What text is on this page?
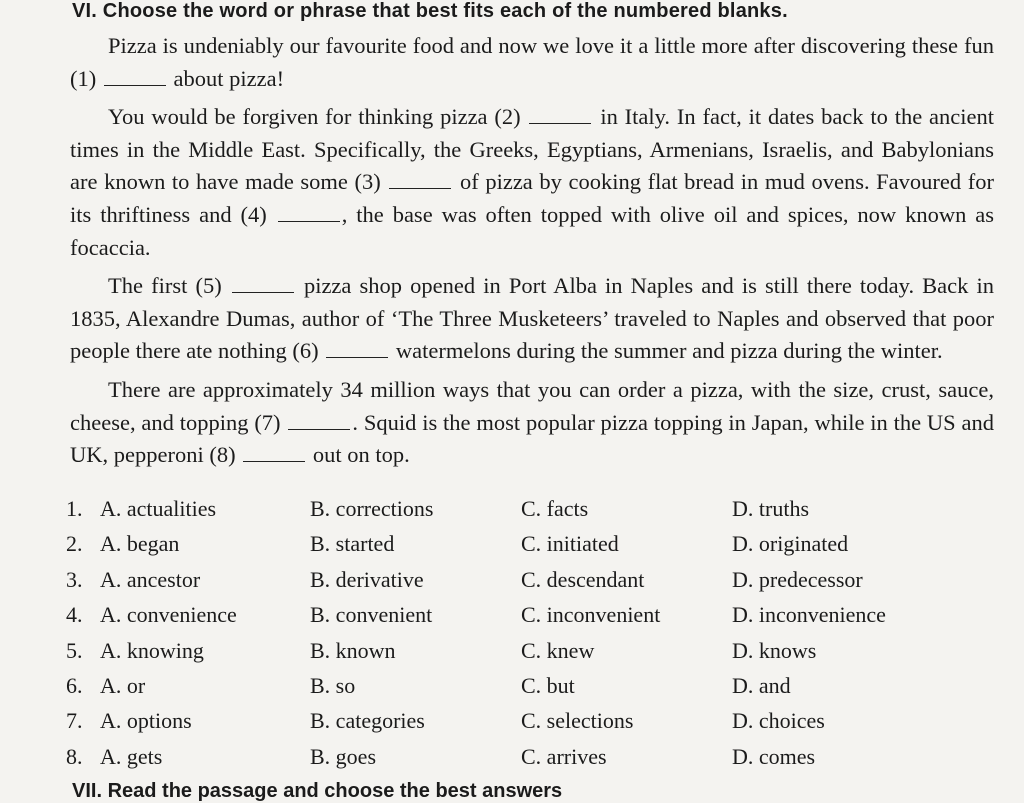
VI. Choose the word or phrase that best fits each of the numbered blanks.

Pizza is undeniably our favourite food and now we love it a little more after discovering these fun (1)	about pizza!

You would be forgiven for thinking pizza (2)	in Italy. In fact, it dates back to the ancient times in the Middle East. Specifically, the Greeks, Egyptians, Armenians, Israelis, and Babylonians are known to have made some (3)	of pizza by cooking flat bread in mud ovens. Favoured for its thriftiness and (4)	, the base was often topped with olive oil and spices, now known as focaccia.

The first (5)	pizza shop opened in Port Alba in Naples and is still there today. Back in 1835, Alexandre Dumas, author of ‘The Three Musketeers’ traveled to Naples and observed that poor people there ate nothing (6)	watermelons during the summer and pizza during the winter.

There are approximately 34 million ways that you can order a pizza, with the size, crust, sauce, cheese, and topping (7)	. Squid is the most popular pizza topping in Japan, while in the US and UK, pepperoni (8)	out on top.

1. A. actualities	B. corrections	C. facts	D. truths
2. A. began	B. started	C. initiated	D. originated
3. A. ancestor	B. derivative	C. descendant	D. predecessor
4. A. convenience	B. convenient	C. inconvenient	D. inconvenience
5. A. knowing	B. known	C. knew	D. knows
6. A. or	B. so	C. but	D. and
7. A. options	B. categories	C. selections	D. choices
8. A. gets	B. goes	C. arrives	D. comes
VII. Read the passage and choose the best answers
